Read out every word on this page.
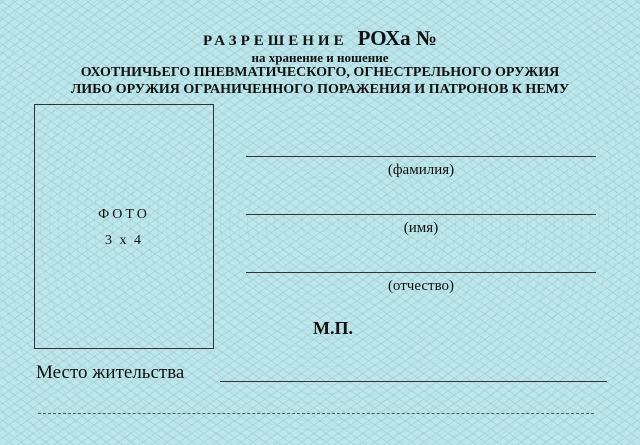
РАЗРЕШЕНИЕ РОХа №
на хранение и ношение
ОХОТНИЧЬЕГО ПНЕВМАТИЧЕСКОГО, ОГНЕСТРЕЛЬНОГО ОРУЖИЯ
ЛИБО ОРУЖИЯ ОГРАНИЧЕННОГО ПОРАЖЕНИЯ И ПАТРОНОВ К НЕМУ
ФОТО
3 x 4
(фамилия)
(имя)
(отчество)
М.П.
Место жительства
